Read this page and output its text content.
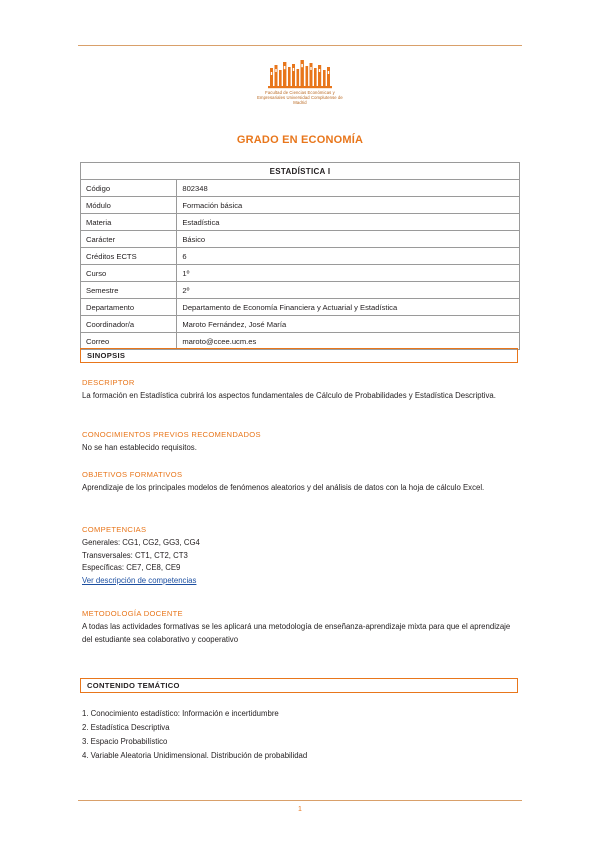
Facultad de Ciencias Económicas y Empresariales Universidad Complutense de Madrid
GRADO EN ECONOMÍA
ESTADÍSTICA I	
Código	802348
Módulo	Formación básica
Materia	Estadística
Carácter	Básico
Créditos ECTS	6
Curso	1º
Semestre	2º
Departamento	Departamento de Economía Financiera y Actuarial y Estadística
Coordinador/a	Maroto Fernández, José María
Correo	maroto@ccee.ucm.es
SINOPSIS
DESCRIPTOR
La formación en Estadística cubrirá los aspectos fundamentales de Cálculo de Probabilidades y Estadística Descriptiva.
CONOCIMIENTOS PREVIOS RECOMENDADOS
No se han establecido requisitos.
OBJETIVOS FORMATIVOS
Aprendizaje de los principales modelos de fenómenos aleatorios y del análisis de datos con la hoja de cálculo Excel.
COMPETENCIAS
Generales: CG1, CG2, GG3, CG4
Transversales: CT1, CT2, CT3
Específicas: CE7, CE8, CE9
Ver descripción de competencias
METODOLOGÍA DOCENTE
A todas las actividades formativas se les aplicará una metodología de enseñanza-aprendizaje mixta para que el aprendizaje del estudiante sea colaborativo y cooperativo
CONTENIDO TEMÁTICO
1. Conocimiento estadístico: Información e incertidumbre
2. Estadística Descriptiva
3. Espacio Probabilístico
4. Variable Aleatoria Unidimensional. Distribución de probabilidad
1
